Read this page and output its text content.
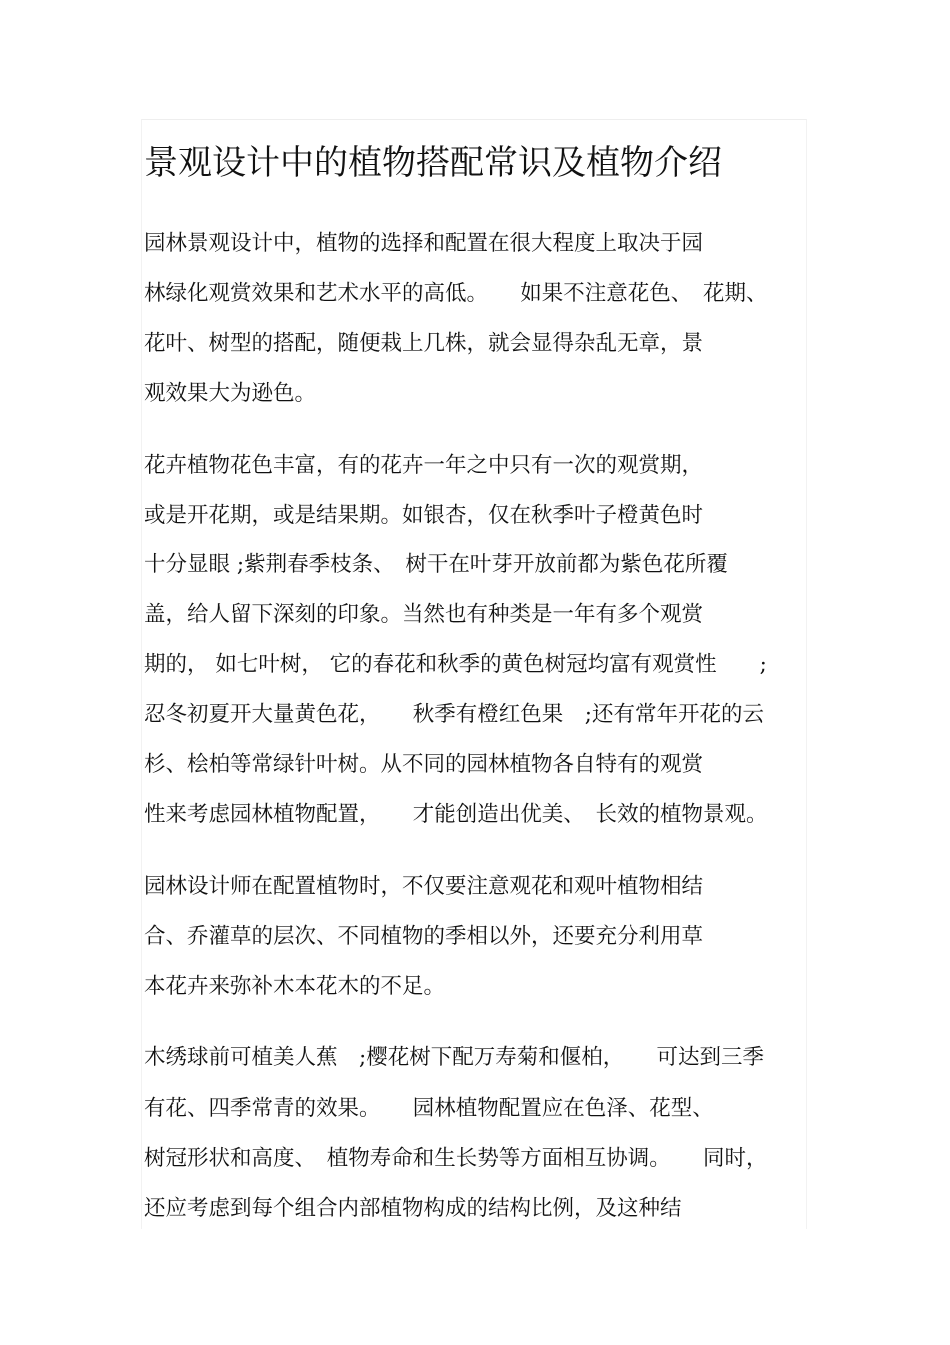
景观设计中的植物搭配常识及植物介绍

园林景观设计中，植物的选择和配置在很大程度上取决于园

林绿化观赏效果和艺术水平的高低。　　如果不注意花色、　花期、

花叶、树型的搭配，随便栽上几株，就会显得杂乱无章，景

观效果大为逊色。

花卉植物花色丰富，有的花卉一年之中只有一次的观赏期，

或是开花期，或是结果期。如银杏，仅在秋季叶子橙黄色时

十分显眼 ;紫荆春季枝条、　树干在叶芽开放前都为紫色花所覆

盖，给人留下深刻的印象。当然也有种类是一年有多个观赏

期的， 如七叶树， 它的春花和秋季的黄色树冠均富有观赏性　　;

忍冬初夏开大量黄色花，　　秋季有橙红色果　;还有常年开花的云

杉、桧柏等常绿针叶树。从不同的园林植物各自特有的观赏

性来考虑园林植物配置，　　才能创造出优美、　长效的植物景观。

园林设计师在配置植物时，不仅要注意观花和观叶植物相结

合、乔灌草的层次、不同植物的季相以外，还要充分利用草

本花卉来弥补木本花木的不足。

木绣球前可植美人蕉　;樱花树下配万寿菊和偃柏，　　可达到三季

有花、四季常青的效果。　　园林植物配置应在色泽、花型、

树冠形状和高度、　植物寿命和生长势等方面相互协调。　　同时，

还应考虑到每个组合内部植物构成的结构比例，及这种结
